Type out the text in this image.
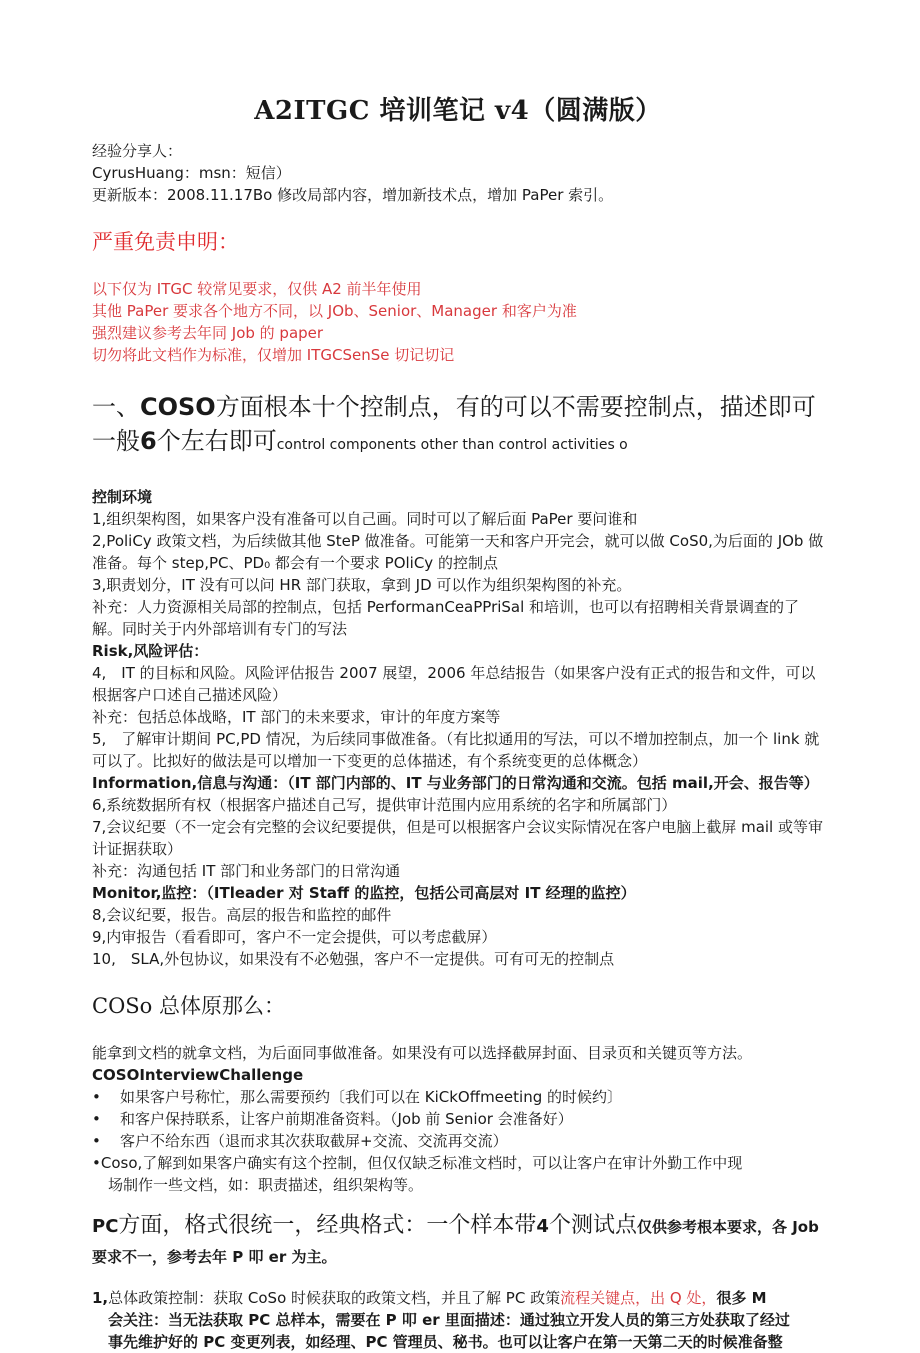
A2ITGC 培训笔记 v4（圆满版）

经验分享人：

CyrusHuang：msn：短信）

更新版本：2008.11.17Bo 修改局部内容，增加新技术点，增加 PaPer 索引。

严重免责申明：

以下仅为 ITGC 较常见要求，仅供 A2 前半年使用

其他 PaPer 要求各个地方不同，以 JOb、Senior、Manager 和客户为准

强烈建议参考去年同 Job 的 paper

切勿将此文档作为标准，仅增加 ITGCSenSe 切记切记

一、COSO方面根本十个控制点，有的可以不需要控制点，描述即可一般6个左右即可control components other than control activities o

控制环境

1,组织架构图，如果客户没有准备可以自己画。同时可以了解后面 PaPer 要问谁和

2,PoliCy 政策文档，为后续做其他 SteP 做准备。可能第一天和客户开完会，就可以做 CoS0,为后面的 JOb 做准备。每个 step,PC、PD₀ 都会有一个要求 POliCy 的控制点

3,职责划分，IT 没有可以问 HR 部门获取，拿到 JD 可以作为组织架构图的补充。

补充：人力资源相关局部的控制点，包括 PerformanCeaPPriSal 和培训，也可以有招聘相关背景调查的了解。同时关于内外部培训有专门的写法

Risk,风险评估：

4,　IT 的目标和风险。风险评估报告 2007 展望，2006 年总结报告（如果客户没有正式的报告和文件，可以根据客户口述自己描述风险）

补充：包括总体战略，IT 部门的未来要求，审计的年度方案等

5,　了解审计期间 PC,PD 情况，为后续同事做准备。（有比拟通用的写法，可以不增加控制点，加一个 link 就可以了。比拟好的做法是可以增加一下变更的总体描述，有个系统变更的总体概念）

Information,信息与沟通：（IT 部门内部的、IT 与业务部门的日常沟通和交流。包括 mail,开会、报告等）

6,系统数据所有权（根据客户描述自己写，提供审计范围内应用系统的名字和所属部门）

7,会议纪要（不一定会有完整的会议纪要提供，但是可以根据客户会议实际情况在客户电脑上截屏 mail 或等审计证据获取）

补充：沟通包括 IT 部门和业务部门的日常沟通

Monitor,监控：（ITleader 对 Staff 的监控，包括公司高层对 IT 经理的监控）

8,会议纪要，报告。高层的报告和监控的邮件

9,内审报告（看看即可，客户不一定会提供，可以考虑截屏）

10,　SLA,外包协议，如果没有不必勉强，客户不一定提供。可有可无的控制点

COSo 总体原那么：

能拿到文档的就拿文档，为后面同事做准备。如果没有可以选择截屏封面、目录页和关键页等方法。

COSOInterviewChallenge

•	如果客户号称忙，那么需要预约〔我们可以在 KiCkOffmeeting 的时候约〕
•	和客户保持联系，让客户前期准备资料。（Job 前 Senior 会准备好）
•	客户不给东西（退而求其次获取截屏+交流、交流再交流）

•Coso,了解到如果客户确实有这个控制，但仅仅缺乏标准文档时，可以让客户在审计外勤工作中现

场制作一些文档，如：职责描述，组织架构等。

PC方面，格式很统一，经典格式：一个样本带4个测试点仅供参考根本要求，各 Job 要求不一，参考去年 P 叩 er 为主。

1,总体政策控制：获取 CoSo 时候获取的政策文档，并且了解 PC 政策流程关键点，出 Q 处，很多 M

会关注：当无法获取 PC 总样本，需要在 P 叩 er 里面描述：通过独立开发人员的第三方处获取了经过

事先维护好的 PC 变更列表，如经理、PC 管理员、秘书。也可以让客户在第一天第二天的时候准备整
